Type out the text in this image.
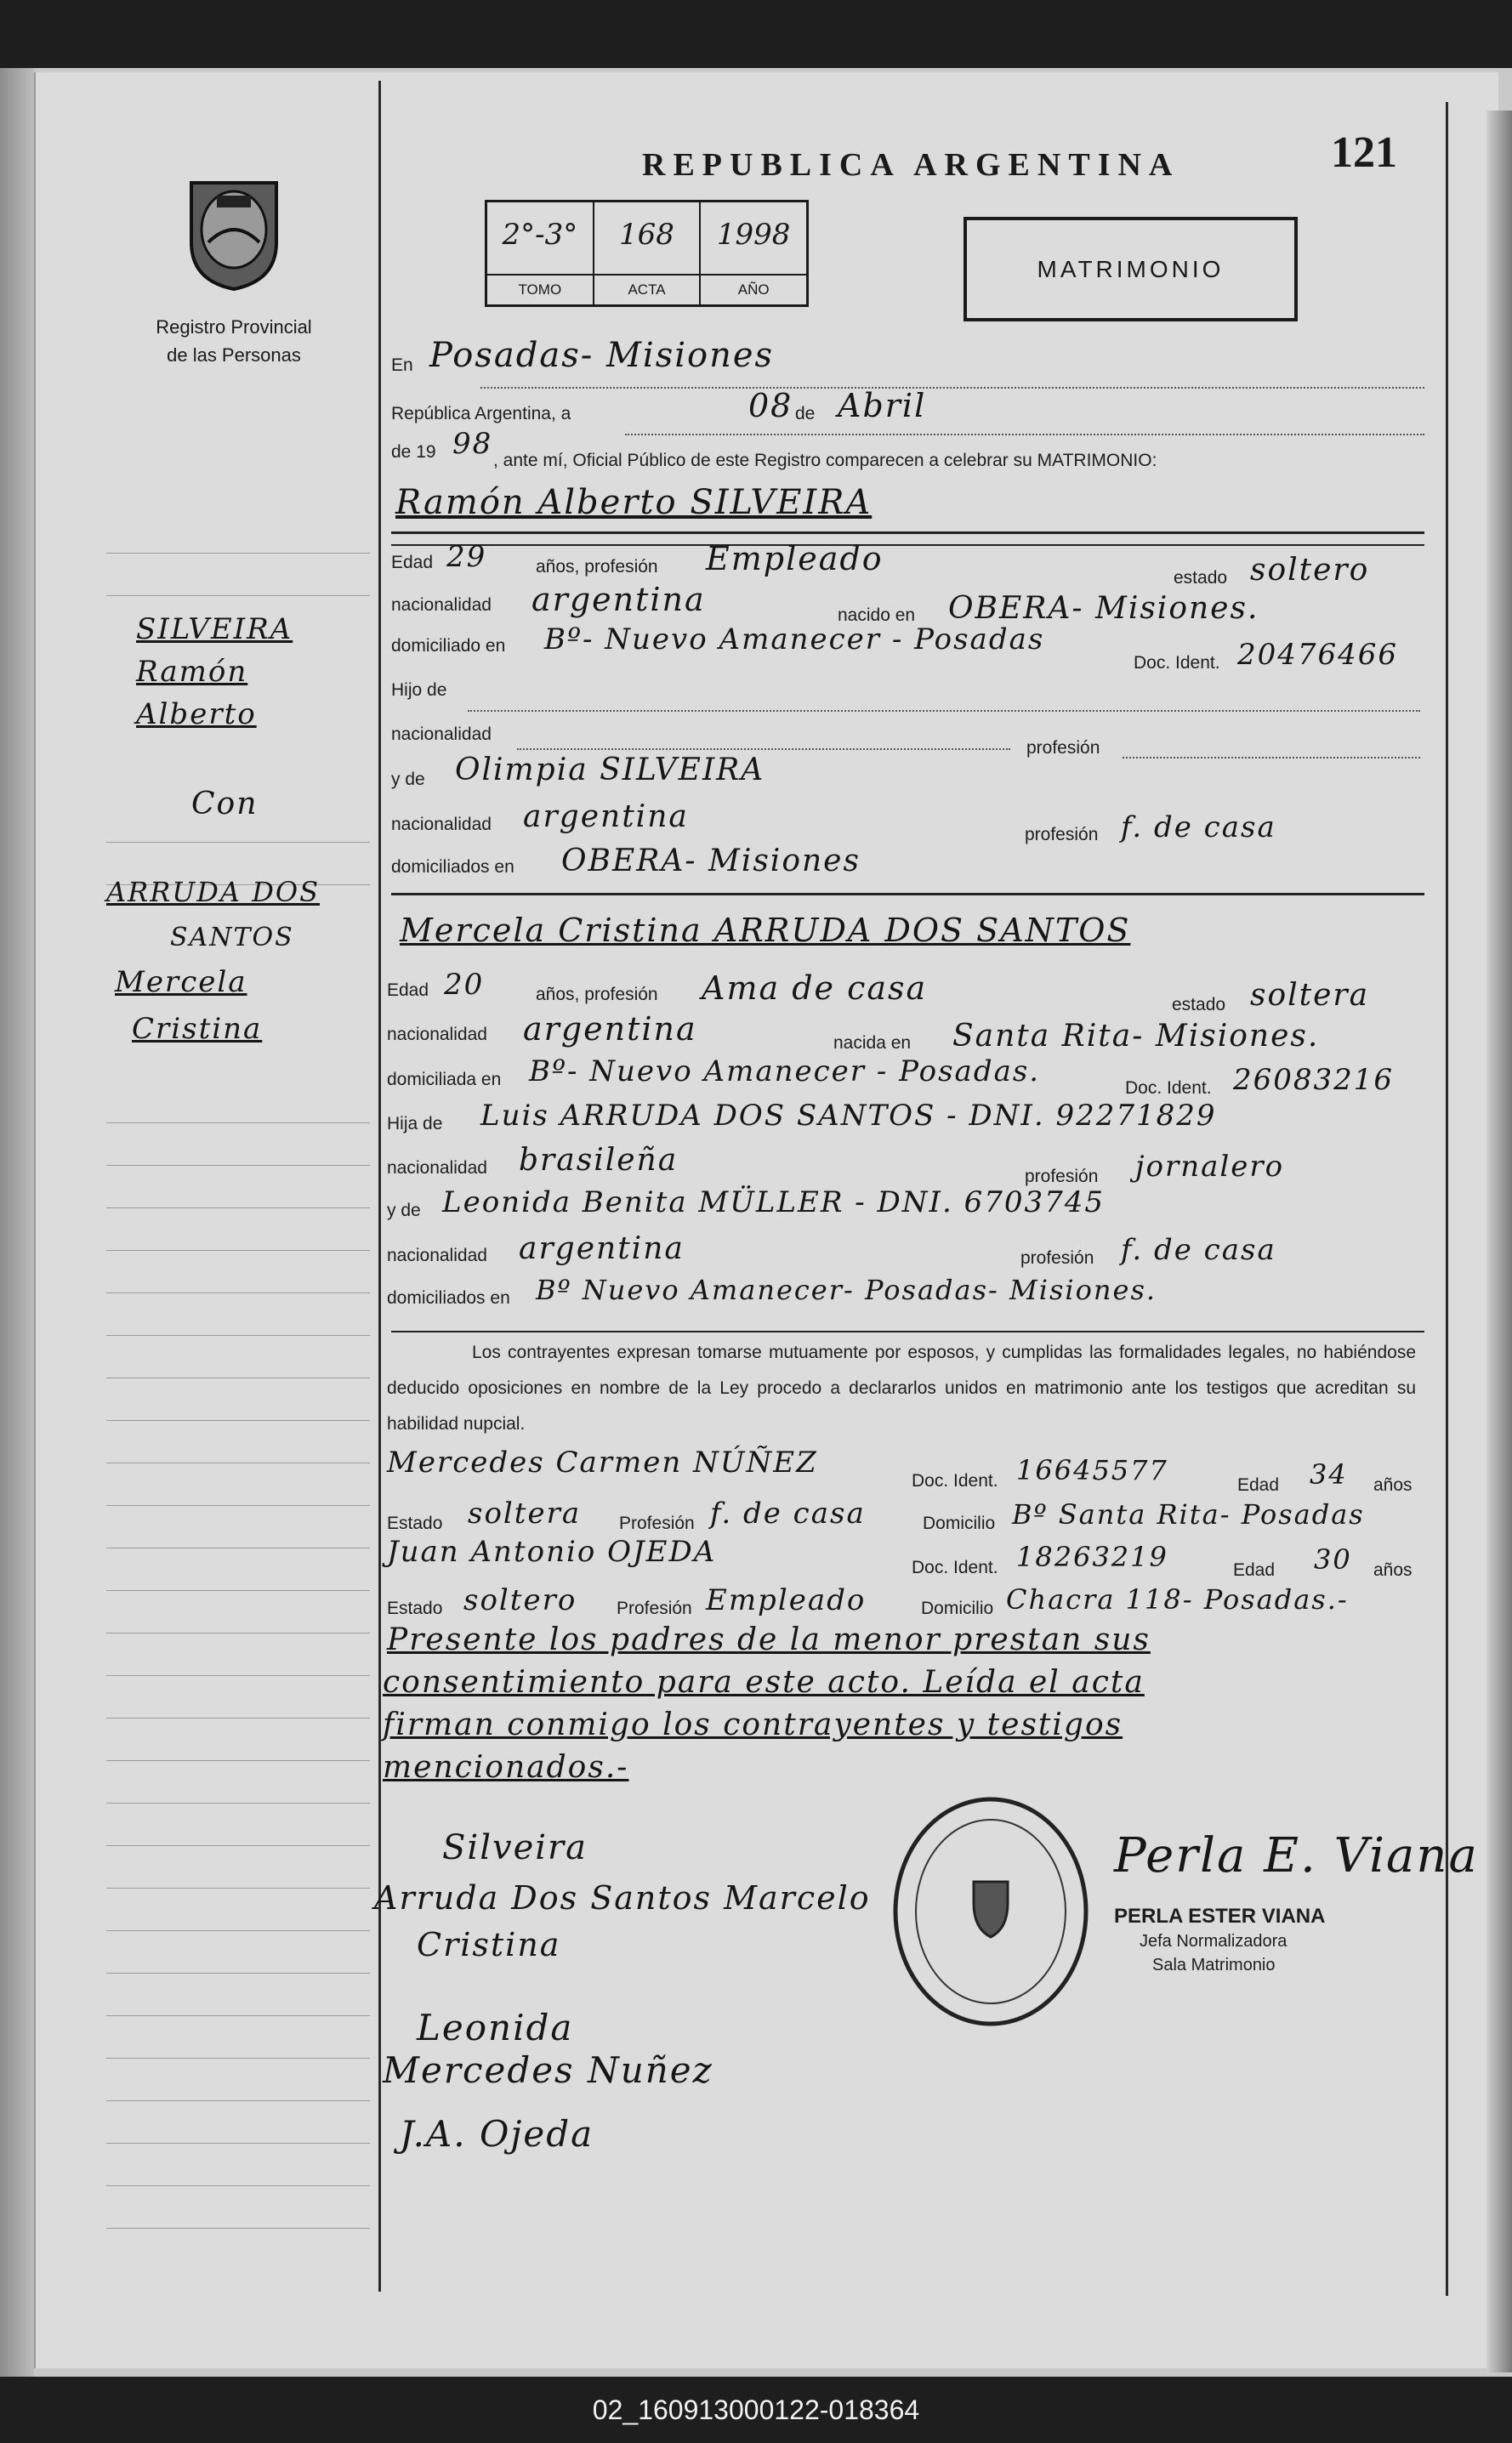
Registro Provincial
de las Personas
REPUBLICA ARGENTINA	121
2°-3°
TOMO
168
ACTA
1998
AÑO
MATRIMONIO
SILVEIRA
Ramón
Alberto
Con
ARRUDA DOS
SANTOS
Mercela
Cristina
En Posadas- Misiones
República Argentina, a	08 de Abril
de 19 98 , ante mí, Oficial Público de este Registro comparecen a celebrar su MATRIMONIO:
Ramón Alberto SILVEIRA
Edad 29	años, profesión Empleado
estado soltero
nacionalidad argentina	nacido en OBERA- Misiones.
domiciliado en Bº- Nuevo Amanecer - Posadas
Doc. Ident. 20476466
Hijo de
nacionalidad
profesión
y de Olimpia SILVEIRA
nacionalidad argentina
profesión f. de casa
domiciliados en OBERA- Misiones
Mercela Cristina ARRUDA DOS SANTOS
Edad 20	años, profesión Ama de casa	estado soltera
nacionalidad argentina	nacida en Santa Rita- Misiones.
domiciliada en Bº- Nuevo Amanecer - Posadas.	Doc. Ident. 26083216
Hija de Luis ARRUDA DOS SANTOS - DNI. 92271829
nacionalidad brasileña	profesión jornalero
y de Leonida Benita MÜLLER - DNI. 6703745
nacionalidad argentina	profesión f. de casa
domiciliados en Bº Nuevo Amanecer- Posadas- Misiones.
Los contrayentes expresan tomarse mutuamente por esposos, y cumplidas las formalidades legales, no habiéndose deducido oposiciones en nombre de la Ley procedo a declararlos unidos en matrimonio ante los testigos que acreditan su habilidad nupcial.
Mercedes Carmen NÚÑEZ
Doc. Ident. 16645577	Edad 34 años
Estado soltera Profesión f. de casa	Domicilio Bº Santa Rita- Posadas
Juan Antonio OJEDA	Doc. Ident. 18263219	Edad 30 años
Estado soltero Profesión Empleado	Domicilio Chacra 118- Posadas.-
Presente los padres de la menor prestan sus
consentimiento para este acto. Leída el acta
firman conmigo los contrayentes y testigos
mencionados.-
Silveira
Arruda Dos Santos Marcelo
Cristina
Leonida
Mercedes Nuñez
J.A. Ojeda
Perla E. Viana
PERLA ESTER VIANA
Jefa Normalizadora
Sala Matrimonio
02_160913000122-018364
